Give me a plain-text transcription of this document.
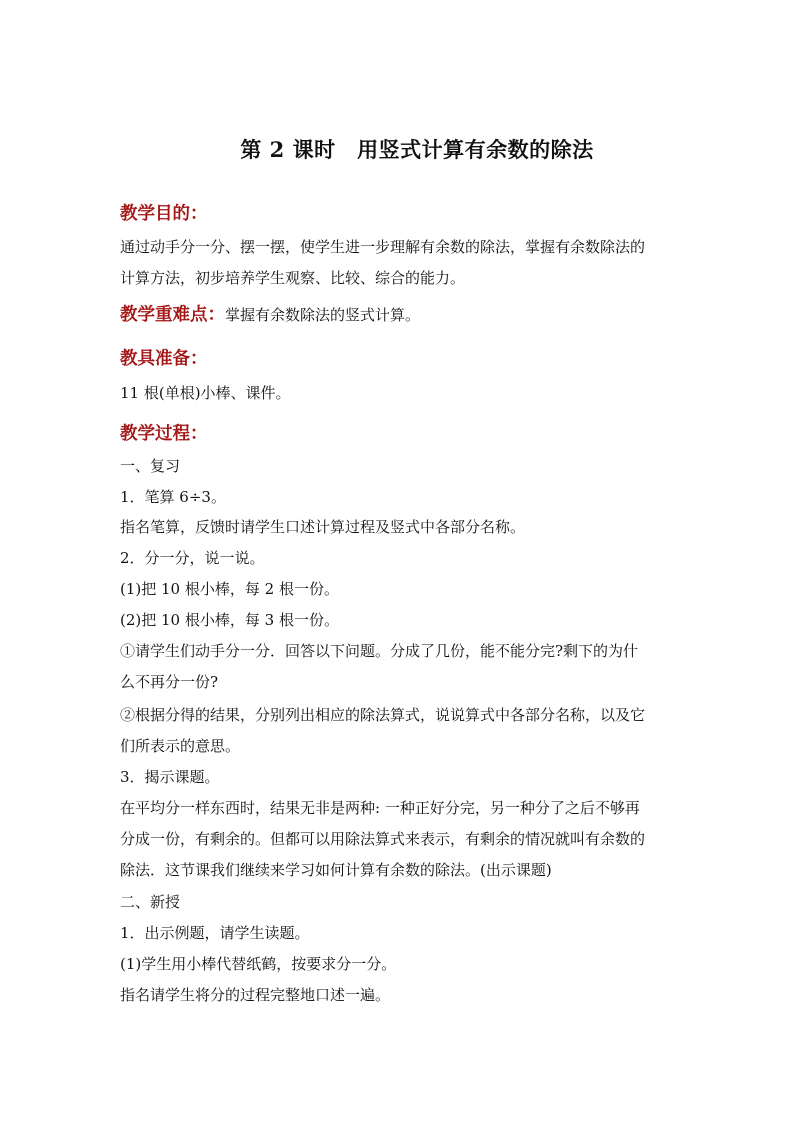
第 2 课时　用竖式计算有余数的除法
教学目的：
通过动手分一分、摆一摆，使学生进一步理解有余数的除法，掌握有余数除法的
计算方法，初步培养学生观察、比较、综合的能力。
教学重难点：掌握有余数除法的竖式计算。
教具准备：
11 根(单根)小棒、课件。
教学过程：
一、复习
1．笔算 6÷3。
指名笔算，反馈时请学生口述计算过程及竖式中各部分名称。
2．分一分，说一说。
(1)把 10 根小棒，每 2 根一份。
(2)把 10 根小棒，每 3 根一份。
①请学生们动手分一分．回答以下问题。分成了几份，能不能分完?剩下的为什
么不再分一份?
②根据分得的结果，分别列出相应的除法算式，说说算式中各部分名称，以及它
们所表示的意思。
3．揭示课题。
在平均分一样东西时，结果无非是两种: 一种正好分完，另一种分了之后不够再
分成一份，有剩余的。但都可以用除法算式来表示，有剩余的情况就叫有余数的
除法．这节课我们继续来学习如何计算有余数的除法。(出示课题)
二、新授
1．出示例题，请学生读题。
(1)学生用小棒代替纸鹤，按要求分一分。
指名请学生将分的过程完整地口述一遍。
